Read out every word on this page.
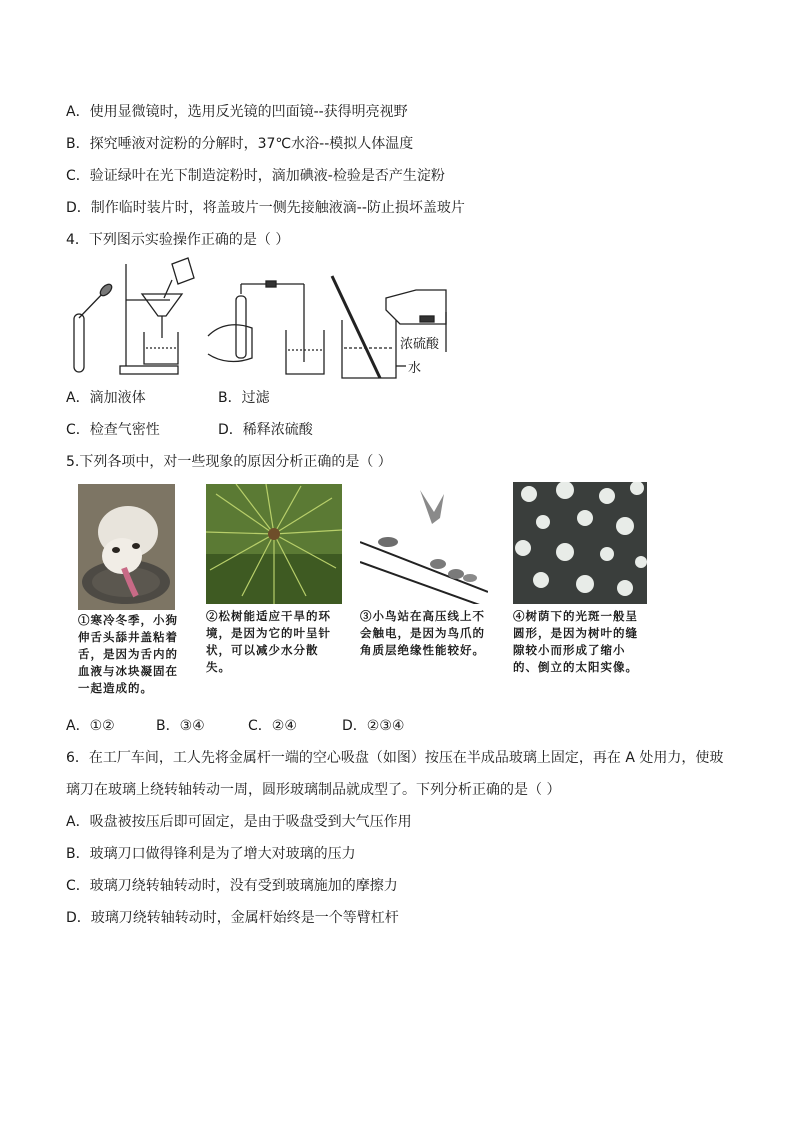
A．使用显微镜时，选用反光镜的凹面镜--获得明亮视野
B．探究唾液对淀粉的分解时，37℃水浴--模拟人体温度
C．验证绿叶在光下制造淀粉时，滴加碘液-检验是否产生淀粉
D．制作临时装片时，将盖玻片一侧先接触液滴--防止损坏盖玻片
4．下列图示实验操作正确的是（ ）
浓硫酸
水
A．滴加液体	B．过滤
C．检查气密性	D．稀释浓硫酸
5.下列各项中，对一些现象的原因分析正确的是（ ）
①寒冷冬季，小狗伸舌头舔井盖粘着舌，是因为舌内的血液与冰块凝固在一起造成的。
②松树能适应干旱的环境，是因为它的叶呈针状，可以减少水分散失。
③小鸟站在高压线上不会触电，是因为鸟爪的角质层绝缘性能较好。
④树荫下的光斑一般呈圆形，是因为树叶的缝隙较小而形成了缩小的、倒立的太阳实像。
A．①②	B．③④	C．②④	D．②③④
6．在工厂车间，工人先将金属杆一端的空心吸盘（如图）按压在半成品玻璃上固定，再在 A 处用力，使玻
璃刀在玻璃上绕转轴转动一周，圆形玻璃制品就成型了。下列分析正确的是（ ）
A．吸盘被按压后即可固定，是由于吸盘受到大气压作用
B．玻璃刀口做得锋利是为了增大对玻璃的压力
C．玻璃刀绕转轴转动时，没有受到玻璃施加的摩擦力
D．玻璃刀绕转轴转动时，金属杆始终是一个等臂杠杆
